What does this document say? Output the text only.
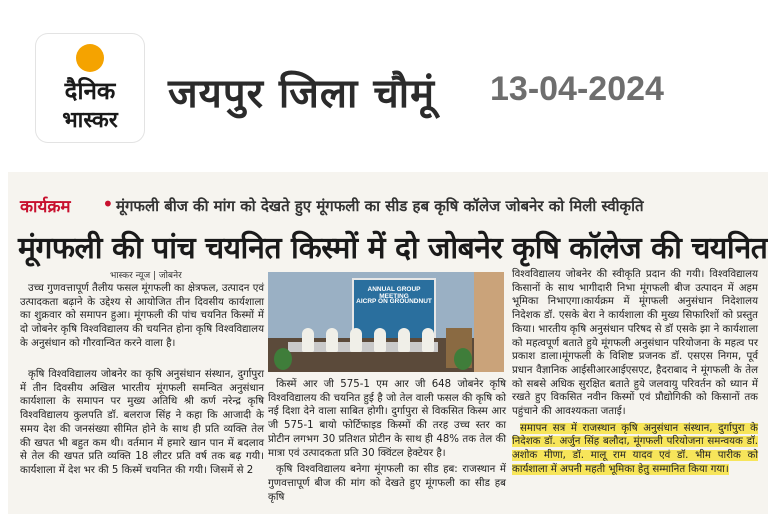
दैनिक
भास्कर
जयपुर जिला चौमूं 13-04-2024
कार्यक्रम • मूंगफली बीज की मांग को देखते हुए मूंगफली का सीड हब कृषि कॉलेज जोबनेर को मिली स्वीकृति
मूंगफली की पांच चयनित किस्मों में दो जोबनेर कृषि कॉलेज की चयनित
भास्कर न्यूज | जोबनेर

उच्च गुणवत्तापूर्ण तैलीय फसल मूंगफली का क्षेत्रफल, उत्पादन एवं उत्पादकता बढ़ाने के उद्देश्य से आयोजित तीन दिवसीय कार्यशाला का शुक्रवार को समापन हुआ। मूंगफली की पांच चयनित किस्मों में दो जोबनेर कृषि विश्वविद्यालय की चयनित होना कृषि विश्वविद्यालय के अनुसंधान को गौरवान्वित करने वाला है।

कृषि विश्वविद्यालय जोबनेर का कृषि अनुसंधान संस्थान, दुर्गापुरा में तीन दिवसीय अखिल भारतीय मूंगफली समन्वित अनुसंधान कार्यशाला के समापन पर मुख्य अतिथि श्री कर्ण नरेन्द्र कृषि विश्वविद्यालय कुलपति डॉ. बलराज सिंह ने कहा कि आजादी के समय देश की जनसंख्या सीमित होने के साथ ही प्रति व्यक्ति तेल की खपत भी बहुत कम थी। वर्तमान में हमारे खान पान में बदलाव से तेल की खपत प्रति व्यक्ति 18 लीटर प्रति वर्ष तक बढ़ गयी। कार्यशाला में देश भर की 5 किस्में चयनित की गयी। जिसमें से 2

ANNUAL GROUP MEETING
AICRP ON GROUNDNUT

किस्में आर जी 575-1 एम आर जी 648 जोबनेर कृषि विश्वविद्यालय की चयनित हुई है जो तेल वाली फसल की कृषि को नई दिशा देने वाला साबित होगी। दुर्गापुरा से विकसित किस्म आर जी 575-1 बायो फोर्टिफाइड किस्मों की तरह उच्च स्तर का प्रोटीन लगभग 30 प्रतिशत प्रोटीन के साथ ही 48% तक तेल की मात्रा एवं उत्पादकता प्रति 30 क्विंटल हेक्टेयर है।

कृषि विश्वविद्यालय बनेगा मूंगफली का सीड हब: राजस्थान में गुणवत्तापूर्ण बीज की मांग को देखते हुए मूंगफली का सीड हब कृषि

विश्वविद्यालय जोबनेर की स्वीकृति प्रदान की गयी। विश्वविद्यालय किसानों के साथ भागीदारी निभा मूंगफली बीज उत्पादन में अहम भूमिका निभाएगा।कार्यक्रम में मूंगफली अनुसंधान निदेशालय निदेशक डॉ. एसके बेरा ने कार्यशाला की मुख्य सिफारिशों को प्रस्तुत किया। भारतीय कृषि अनुसंधान परिषद से डॉ एसके झा ने कार्यशाला को महत्वपूर्ण बताते हुये मूंगफली अनुसंधान परियोजना के महत्व पर प्रकाश डाला।मूंगफली के विशिष्ट प्रजनक डॉ. एसएस निगम, पूर्व प्रधान वैज्ञानिक आईसीआरआईएसएट, हैदराबाद ने मूंगफली के तेल को सबसे अधिक सुरक्षित बताते हुये जलवायु परिवर्तन को ध्यान में रखते हुए विकसित नवीन किस्मों एवं प्रौद्योगिकी को किसानों तक पहुंचाने की आवश्यकता जताई।

समापन सत्र में राजस्थान कृषि अनुसंधान संस्थान, दुर्गापुरा के निदेशक डॉ. अर्जुन सिंह बलौदा, मूंगफली परियोजना समन्वयक डॉ. अशोक मीणा, डॉ. मालू राम यादव एवं डॉ. भीम पारीक को कार्यशाला में अपनी महती भूमिका हेतु सम्मानित किया गया।
